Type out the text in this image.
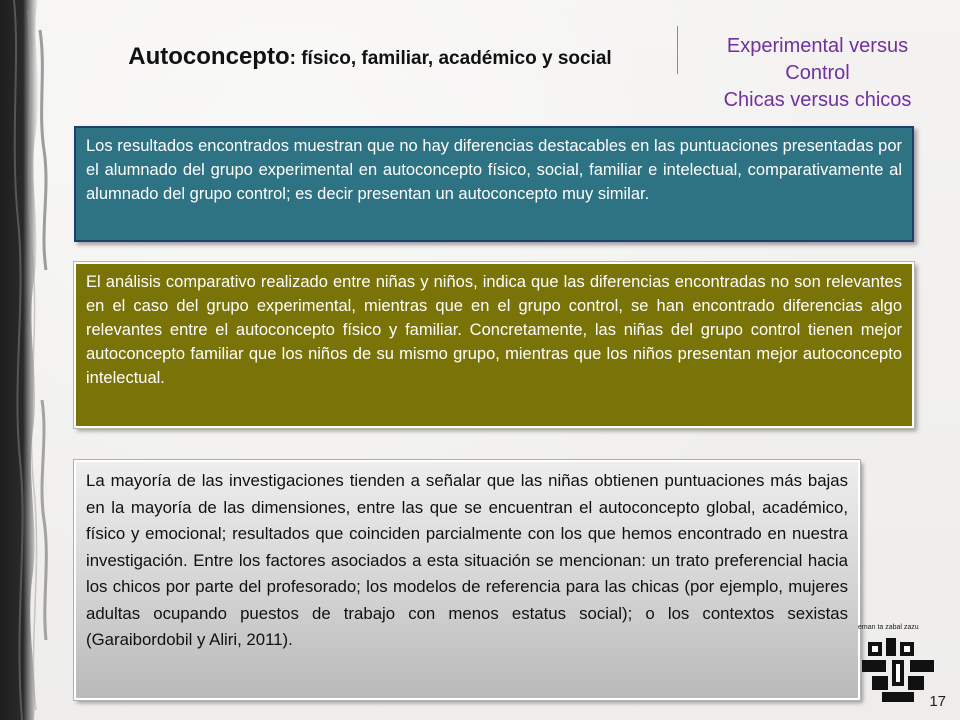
Autoconcepto: físico, familiar, académico y social
Experimental versus
Control
Chicas versus chicos
Los resultados encontrados muestran que no hay diferencias destacables en las puntuaciones presentadas por el alumnado del grupo experimental en autoconcepto físico, social, familiar e intelectual, comparativamente al alumnado del grupo control; es decir presentan un autoconcepto muy similar.
El análisis comparativo realizado entre niñas y niños, indica que las diferencias encontradas no son relevantes en el caso del grupo experimental, mientras que en el grupo control, se han encontrado diferencias algo relevantes entre el autoconcepto físico y familiar. Concretamente, las niñas del grupo control tienen mejor autoconcepto familiar que los niños de su mismo grupo, mientras que los niños presentan mejor autoconcepto intelectual.
La mayoría de las investigaciones tienden a señalar que las niñas obtienen puntuaciones más bajas en la mayoría de las dimensiones, entre las que se encuentran el autoconcepto global, académico, físico y emocional; resultados que coinciden parcialmente con los que hemos encontrado en nuestra investigación. Entre los factores asociados a esta situación se mencionan: un trato preferencial hacia los chicos por parte del profesorado; los modelos de referencia para las chicas (por ejemplo, mujeres adultas ocupando puestos de trabajo con menos estatus social); o los contextos sexistas (Garaibordobil y Aliri, 2011).
eman ta zabal zazu
17
